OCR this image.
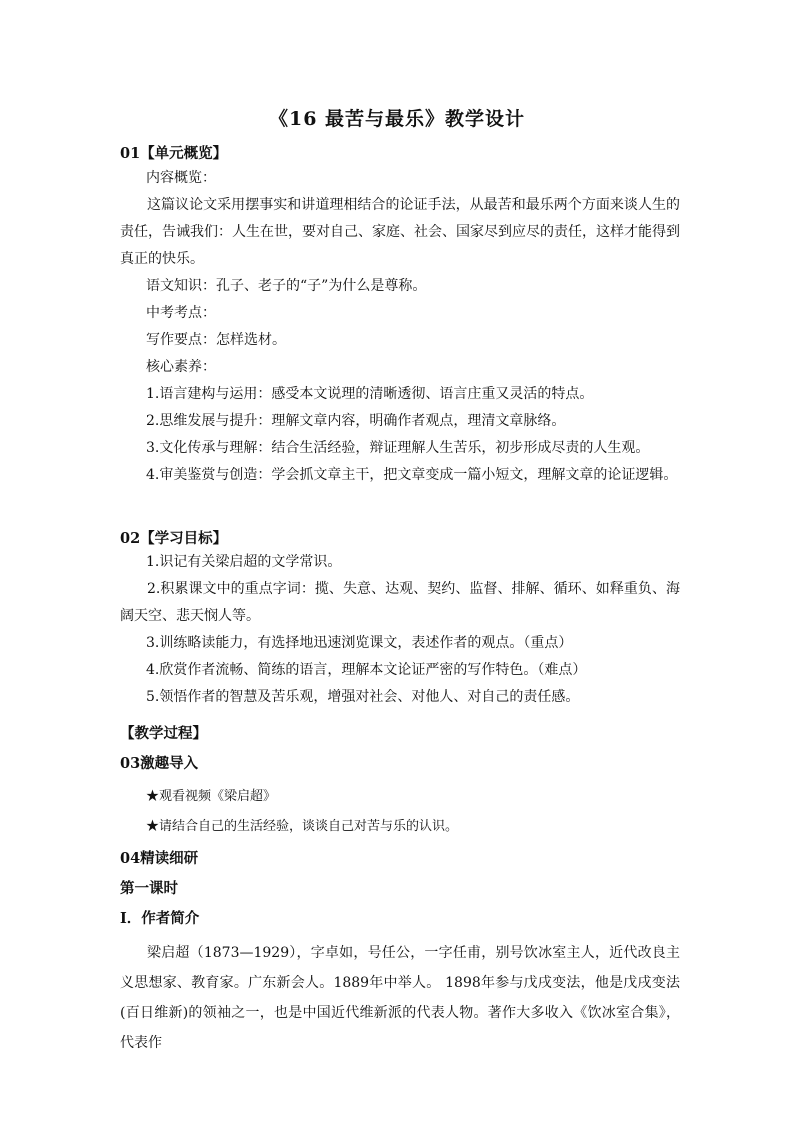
《16 最苦与最乐》教学设计
01【单元概览】
内容概览：
这篇议论文采用摆事实和讲道理相结合的论证手法，从最苦和最乐两个方面来谈人生的责任，告诫我们：人生在世，要对自己、家庭、社会、国家尽到应尽的责任，这样才能得到真正的快乐。
语文知识：孔子、老子的“子”为什么是尊称。
中考考点：
写作要点：怎样选材。
核心素养：
1.语言建构与运用：感受本文说理的清晰透彻、语言庄重又灵活的特点。
2.思维发展与提升：理解文章内容，明确作者观点，理清文章脉络。
3.文化传承与理解：结合生活经验，辩证理解人生苦乐，初步形成尽责的人生观。
4.审美鉴赏与创造：学会抓文章主干，把文章变成一篇小短文，理解文章的论证逻辑。
02【学习目标】
1.识记有关梁启超的文学常识。
2.积累课文中的重点字词：揽、失意、达观、契约、监督、排解、循环、如释重负、海阔天空、悲天悯人等。
3.训练略读能力，有选择地迅速浏览课文，表述作者的观点。（重点）
4.欣赏作者流畅、简练的语言，理解本文论证严密的写作特色。（难点）
5.领悟作者的智慧及苦乐观，增强对社会、对他人、对自己的责任感。
【教学过程】
03激趣导入
★观看视频《梁启超》
★请结合自己的生活经验，谈谈自己对苦与乐的认识。
04精读细研
第一课时
Ⅰ．作者简介
梁启超（1873—1929），字卓如，号任公，一字任甫，别号饮冰室主人，近代改良主义思想家、教育家。广东新会人。1889年中举人。 1898年参与戊戌变法，他是戊戌变法(百日维新)的领袖之一，也是中国近代维新派的代表人物。著作大多收入《饮冰室合集》，代表作
